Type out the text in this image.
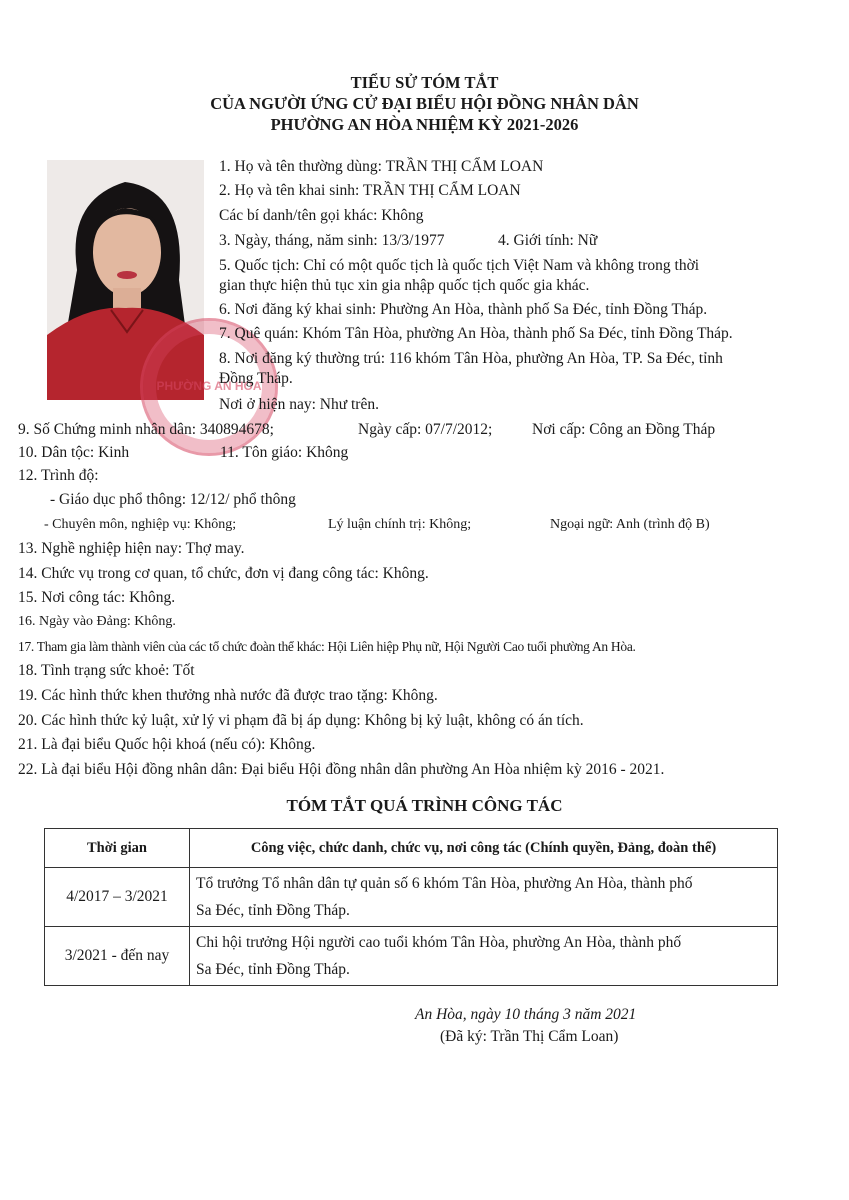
TIỂU SỬ TÓM TẮT
CỦA NGƯỜI ỨNG CỬ ĐẠI BIỂU HỘI ĐỒNG NHÂN DÂN
PHƯỜNG AN HÒA NHIỆM KỲ 2021-2026
PHƯỜNG AN HÒA
1. Họ và tên thường dùng: TRẦN THỊ CẨM LOAN
2. Họ và tên khai sinh: TRẦN THỊ CẨM LOAN
Các bí danh/tên gọi khác: Không
3. Ngày, tháng, năm sinh: 13/3/1977	4. Giới tính: Nữ
5. Quốc tịch: Chỉ có một quốc tịch là quốc tịch Việt Nam và không trong thời
gian thực hiện thủ tục xin gia nhập quốc tịch quốc gia khác.
6. Nơi đăng ký khai sinh: Phường An Hòa, thành phố Sa Đéc, tỉnh Đồng Tháp.
7. Quê quán: Khóm Tân Hòa, phường An Hòa, thành phố Sa Đéc, tỉnh Đồng Tháp.
8. Nơi đăng ký thường trú: 116 khóm Tân Hòa, phường An Hòa, TP. Sa Đéc, tỉnh
Đồng Tháp.
Nơi ở hiện nay: Như trên.
9. Số Chứng minh nhân dân: 340894678;	Ngày cấp: 07/7/2012;	Nơi cấp: Công an Đồng Tháp
10. Dân tộc: Kinh	11. Tôn giáo: Không
12. Trình độ:
- Giáo dục phổ thông: 12/12/ phổ thông
- Chuyên môn, nghiệp vụ: Không;	Lý luận chính trị: Không;	Ngoại ngữ: Anh (trình độ B)
13. Nghề nghiệp hiện nay: Thợ may.
14. Chức vụ trong cơ quan, tổ chức, đơn vị đang công tác: Không.
15. Nơi công tác: Không.
16. Ngày vào Đảng: Không.
17. Tham gia làm thành viên của các tổ chức đoàn thể khác: Hội Liên hiệp Phụ nữ, Hội Người Cao tuổi phường An Hòa.
18. Tình trạng sức khoẻ: Tốt
19. Các hình thức khen thưởng nhà nước đã được trao tặng: Không.
20. Các hình thức kỷ luật, xử lý vi phạm đã bị áp dụng: Không bị kỷ luật, không có án tích.
21. Là đại biểu Quốc hội khoá (nếu có): Không.
22. Là đại biểu Hội đồng nhân dân: Đại biểu Hội đồng nhân dân phường An Hòa nhiệm kỳ 2016 - 2021.
TÓM TẮT QUÁ TRÌNH CÔNG TÁC
Thời gian	Công việc, chức danh, chức vụ, nơi công tác (Chính quyền, Đảng, đoàn thể)
4/2017 – 3/2021	Tổ trưởng Tổ nhân dân tự quản số 6 khóm Tân Hòa, phường An Hòa, thành phố
Sa Đéc, tỉnh Đồng Tháp.

3/2021 - đến nay	Chi hội trưởng Hội người cao tuổi khóm Tân Hòa, phường An Hòa, thành phố
Sa Đéc, tỉnh Đồng Tháp.
An Hòa, ngày 10 tháng 3 năm 2021
(Đã ký: Trần Thị Cẩm Loan)
